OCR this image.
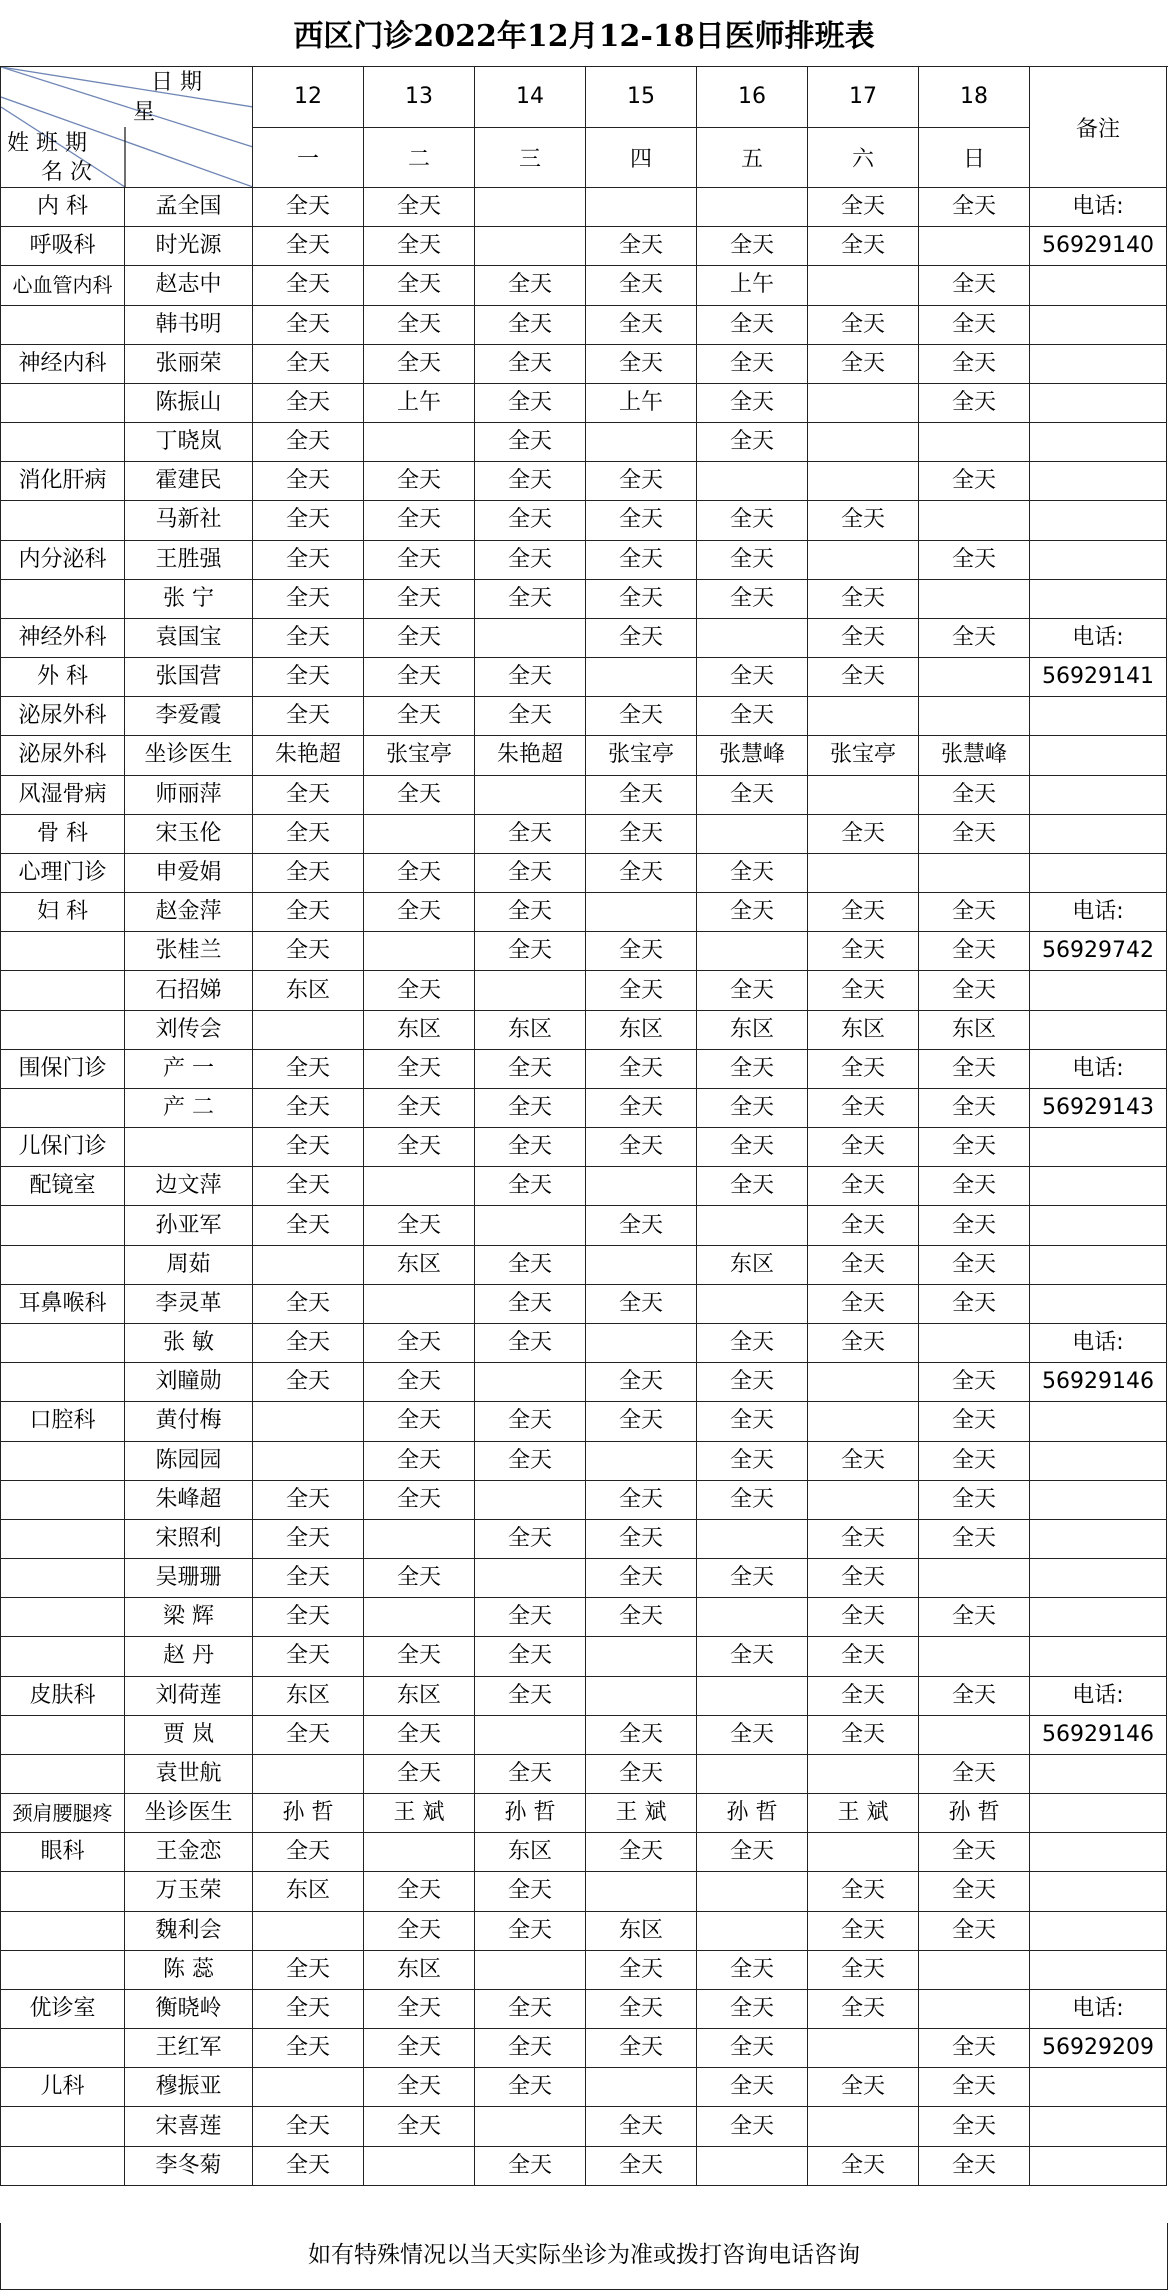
西区门诊2022年12月12-18日医师排班表
日 期
星
姓 班 期
名 次		12	13	14	15	16	17	18	备注
		一	二	三	四	五	六	日	
内 科	孟全国	全天	全天				全天	全天	电话:
呼吸科	时光源	全天	全天		全天	全天	全天		56929140
心血管内科	赵志中	全天	全天	全天	全天	上午		全天	
	韩书明	全天	全天	全天	全天	全天	全天	全天	
神经内科	张丽荣	全天	全天	全天	全天	全天	全天	全天	
	陈振山	全天	上午	全天	上午	全天		全天	
	丁晓岚	全天		全天		全天			
消化肝病	霍建民	全天	全天	全天	全天			全天	
	马新社	全天	全天	全天	全天	全天	全天		
内分泌科	王胜强	全天	全天	全天	全天	全天		全天	
	张 宁	全天	全天	全天	全天	全天	全天		
神经外科	袁国宝	全天	全天		全天		全天	全天	电话:
外 科	张国营	全天	全天	全天		全天	全天		56929141
泌尿外科	李爱霞	全天	全天	全天	全天	全天			
泌尿外科	坐诊医生	朱艳超	张宝亭	朱艳超	张宝亭	张慧峰	张宝亭	张慧峰	
风湿骨病	师丽萍	全天	全天		全天	全天		全天	
骨 科	宋玉伦	全天		全天	全天		全天	全天	
心理门诊	申爱娟	全天	全天	全天	全天	全天			
妇 科	赵金萍	全天	全天	全天		全天	全天	全天	电话:
	张桂兰	全天		全天	全天		全天	全天	56929742
	石招娣	东区	全天		全天	全天	全天	全天	
	刘传会		东区	东区	东区	东区	东区	东区	
围保门诊	产 一	全天	全天	全天	全天	全天	全天	全天	电话:
	产 二	全天	全天	全天	全天	全天	全天	全天	56929143
儿保门诊		全天	全天	全天	全天	全天	全天	全天	
配镜室	边文萍	全天		全天		全天	全天	全天	
	孙亚军	全天	全天		全天		全天	全天	
	周茹		东区	全天		东区	全天	全天	
耳鼻喉科	李灵革	全天		全天	全天		全天	全天	
	张 敏	全天	全天	全天		全天	全天		电话:
	刘瞳勋	全天	全天		全天	全天		全天	56929146
口腔科	黄付梅		全天	全天	全天	全天		全天	
	陈园园		全天	全天		全天	全天	全天	
	朱峰超	全天	全天		全天	全天		全天	
	宋照利	全天		全天	全天		全天	全天	
	吴珊珊	全天	全天		全天	全天	全天		
	梁 辉	全天		全天	全天		全天	全天	
	赵 丹	全天	全天	全天		全天	全天		
皮肤科	刘荷莲	东区	东区	全天			全天	全天	电话:
	贾 岚	全天	全天		全天	全天	全天		56929146
	袁世航		全天	全天	全天			全天	
颈肩腰腿疼	坐诊医生	孙 哲	王 斌	孙 哲	王 斌	孙 哲	王 斌	孙 哲	
眼科	王金恋	全天		东区	全天	全天		全天	
	万玉荣	东区	全天	全天			全天	全天	
	魏利会		全天	全天	东区		全天	全天	
	陈 蕊	全天	东区		全天	全天	全天		
优诊室	衡晓岭	全天	全天	全天	全天	全天	全天		电话:
	王红军	全天	全天	全天	全天	全天		全天	56929209
儿科	穆振亚		全天	全天		全天	全天	全天	
	宋喜莲	全天	全天		全天	全天		全天	
	李冬菊	全天		全天	全天		全天	全天	
如有特殊情况以当天实际坐诊为准或拨打咨询电话咨询
